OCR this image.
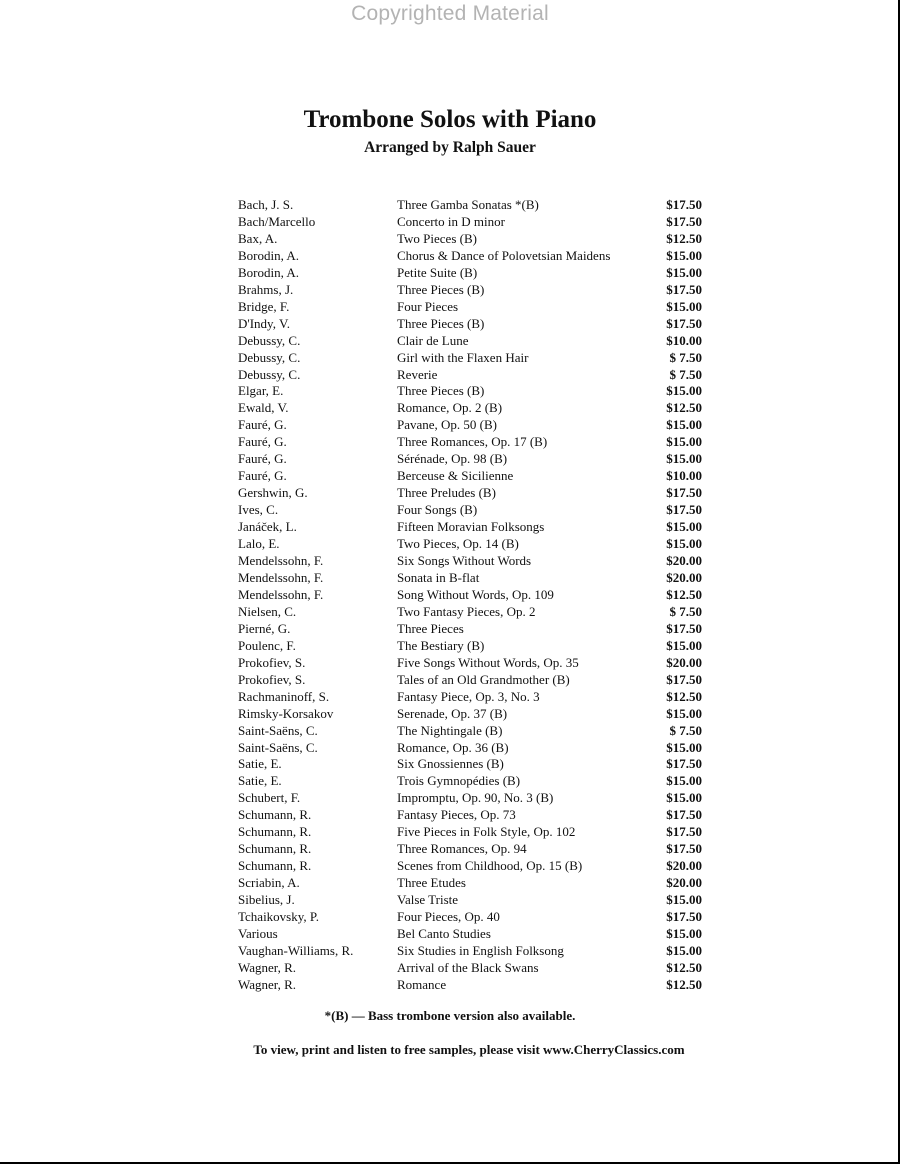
Copyrighted Material
Trombone Solos with Piano
Arranged by Ralph Sauer
Bach, J. S.	Three Gamba Sonatas *(B)	$17.50
Bach/Marcello	Concerto in D minor	$17.50
Bax, A.	Two Pieces (B)	$12.50
Borodin, A.	Chorus & Dance of Polovetsian Maidens	$15.00
Borodin, A.	Petite Suite (B)	$15.00
Brahms, J.	Three Pieces (B)	$17.50
Bridge, F.	Four Pieces	$15.00
D'Indy, V.	Three Pieces (B)	$17.50
Debussy, C.	Clair de Lune	$10.00
Debussy, C.	Girl with the Flaxen Hair	$ 7.50
Debussy, C.	Reverie	$ 7.50
Elgar, E.	Three Pieces (B)	$15.00
Ewald, V.	Romance, Op. 2 (B)	$12.50
Fauré, G.	Pavane, Op. 50 (B)	$15.00
Fauré, G.	Three Romances, Op. 17 (B)	$15.00
Fauré, G.	Sérénade, Op. 98 (B)	$15.00
Fauré, G.	Berceuse & Sicilienne	$10.00
Gershwin, G.	Three Preludes (B)	$17.50
Ives, C.	Four Songs (B)	$17.50
Janáček, L.	Fifteen Moravian Folksongs	$15.00
Lalo, E.	Two Pieces, Op. 14 (B)	$15.00
Mendelssohn, F.	Six Songs Without Words	$20.00
Mendelssohn, F.	Sonata in B-flat	$20.00
Mendelssohn, F.	Song Without Words, Op. 109	$12.50
Nielsen, C.	Two Fantasy Pieces, Op. 2	$ 7.50
Pierné, G.	Three Pieces	$17.50
Poulenc, F.	The Bestiary (B)	$15.00
Prokofiev, S.	Five Songs Without Words, Op. 35	$20.00
Prokofiev, S.	Tales of an Old Grandmother (B)	$17.50
Rachmaninoff, S.	Fantasy Piece, Op. 3, No. 3	$12.50
Rimsky-Korsakov	Serenade, Op. 37 (B)	$15.00
Saint-Saëns, C.	The Nightingale (B)	$ 7.50
Saint-Saëns, C.	Romance, Op. 36 (B)	$15.00
Satie, E.	Six Gnossiennes (B)	$17.50
Satie, E.	Trois Gymnopédies (B)	$15.00
Schubert, F.	Impromptu, Op. 90, No. 3 (B)	$15.00
Schumann, R.	Fantasy Pieces, Op. 73	$17.50
Schumann, R.	Five Pieces in Folk Style, Op. 102	$17.50
Schumann, R.	Three Romances, Op. 94	$17.50
Schumann, R.	Scenes from Childhood, Op. 15 (B)	$20.00
Scriabin, A.	Three Etudes	$20.00
Sibelius, J.	Valse Triste	$15.00
Tchaikovsky, P.	Four Pieces, Op. 40	$17.50
Various	Bel Canto Studies	$15.00
Vaughan-Williams, R.	Six Studies in English Folksong	$15.00
Wagner, R.	Arrival of the Black Swans	$12.50
Wagner, R.	Romance	$12.50
*(B) — Bass trombone version also available.
To view, print and listen to free samples, please visit www.CherryClassics.com
